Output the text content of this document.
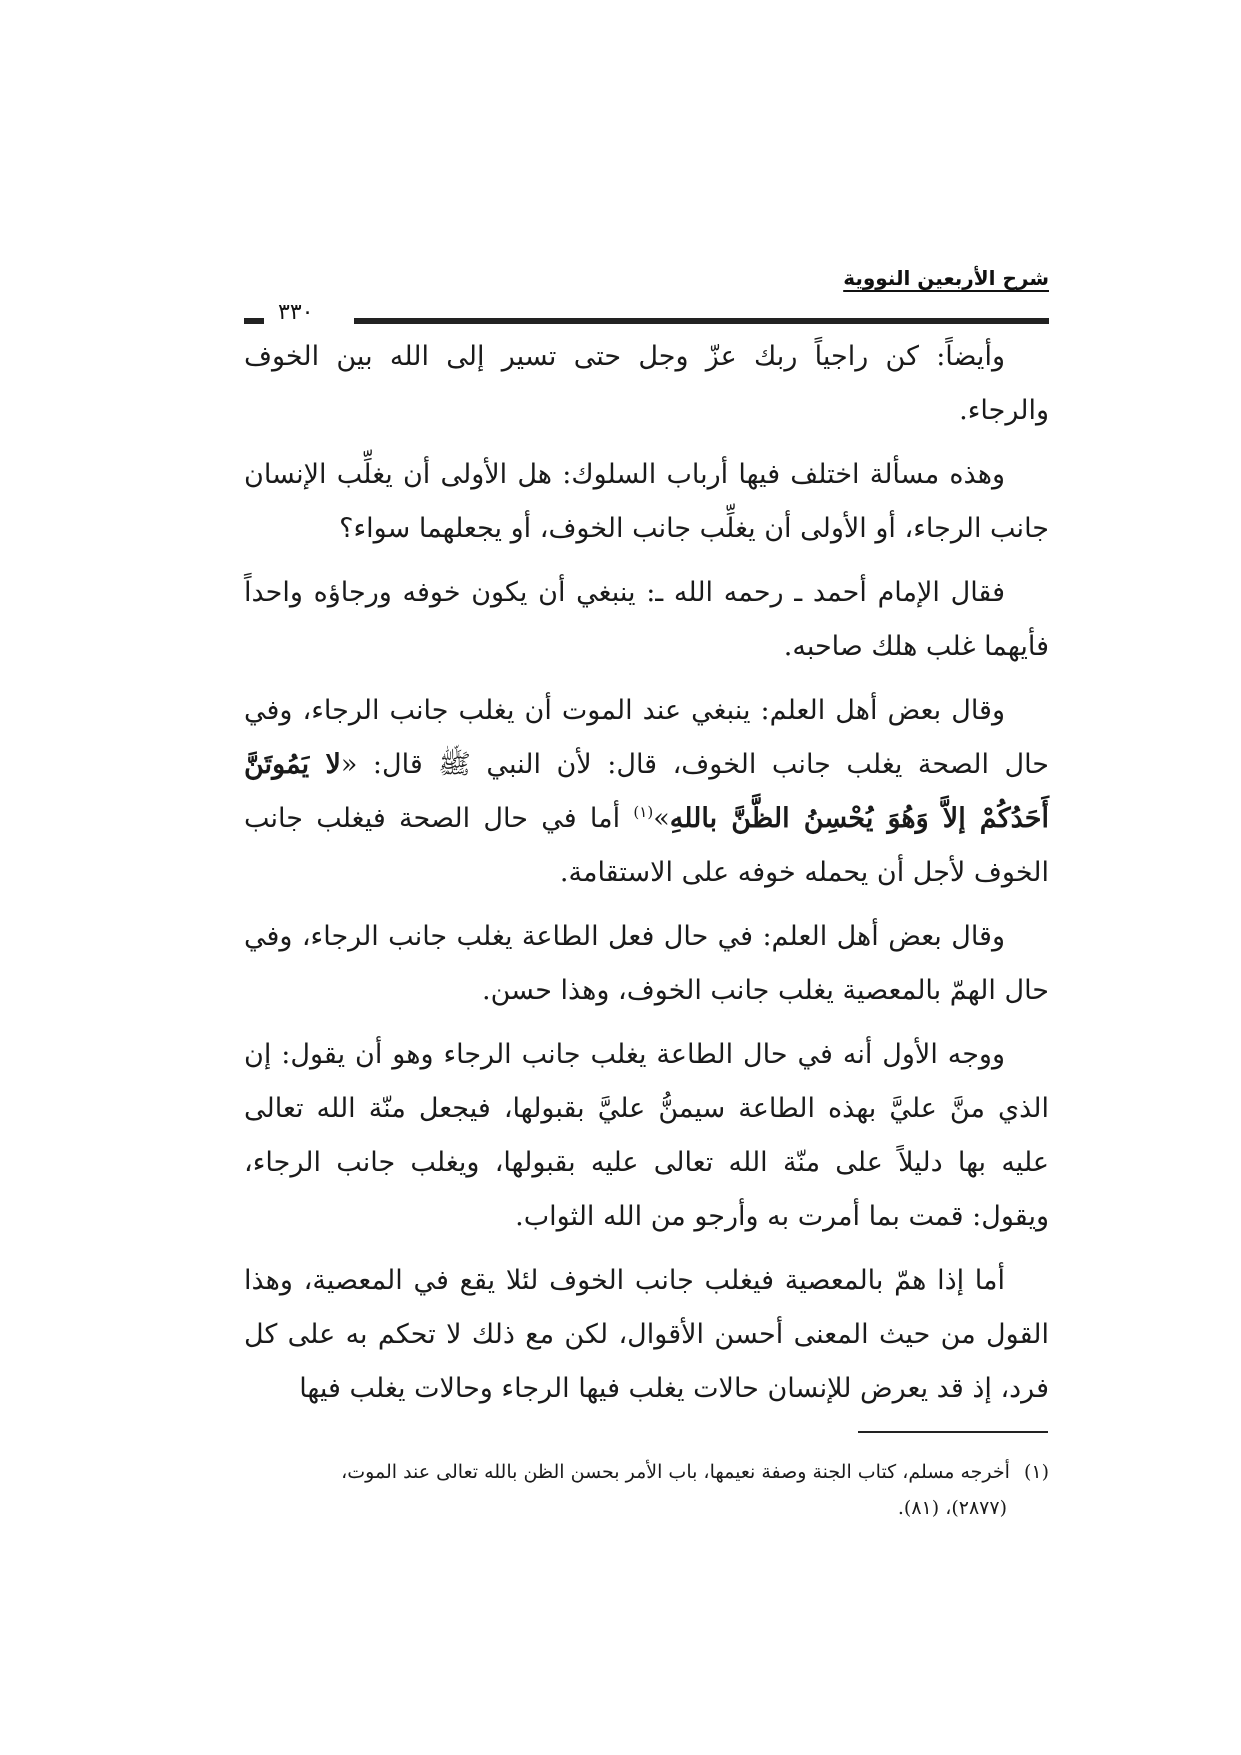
شرح الأربعين النووية
٣٣٠

وأيضاً: كن راجياً ربك عزّ وجل حتى تسير إلى الله بين الخوف والرجاء.

وهذه مسألة اختلف فيها أرباب السلوك: هل الأولى أن يغلِّب الإنسان جانب الرجاء، أو الأولى أن يغلِّب جانب الخوف، أو يجعلهما سواء؟

فقال الإمام أحمد ـ رحمه الله ـ: ينبغي أن يكون خوفه ورجاؤه واحداً فأيهما غلب هلك صاحبه.

وقال بعض أهل العلم: ينبغي عند الموت أن يغلب جانب الرجاء، وفي حال الصحة يغلب جانب الخوف، قال: لأن النبي ﷺ قال: «لا يَمُوتَنَّ أَحَدُكُمْ إلاَّ وَهُوَ يُحْسِنُ الظَّنَّ باللهِ»$^{(١)}$ أما في حال الصحة فيغلب جانب الخوف لأجل أن يحمله خوفه على الاستقامة.

وقال بعض أهل العلم: في حال فعل الطاعة يغلب جانب الرجاء، وفي حال الهمّ بالمعصية يغلب جانب الخوف، وهذا حسن.

ووجه الأول أنه في حال الطاعة يغلب جانب الرجاء وهو أن يقول: إن الذي منَّ عليَّ بهذه الطاعة سيمنُّ عليَّ بقبولها، فيجعل منّة الله تعالى عليه بها دليلاً على منّة الله تعالى عليه بقبولها، ويغلب جانب الرجاء، ويقول: قمت بما أمرت به وأرجو من الله الثواب.

أما إذا همّ بالمعصية فيغلب جانب الخوف لئلا يقع في المعصية، وهذا القول من حيث المعنى أحسن الأقوال، لكن مع ذلك لا تحكم به على كل فرد، إذ قد يعرض للإنسان حالات يغلب فيها الرجاء وحالات يغلب فيها

(١)أخرجه مسلم، كتاب الجنة وصفة نعيمها، باب الأمر بحسن الظن بالله تعالى عند الموت،
(٢٨٧٧)، (٨١).
